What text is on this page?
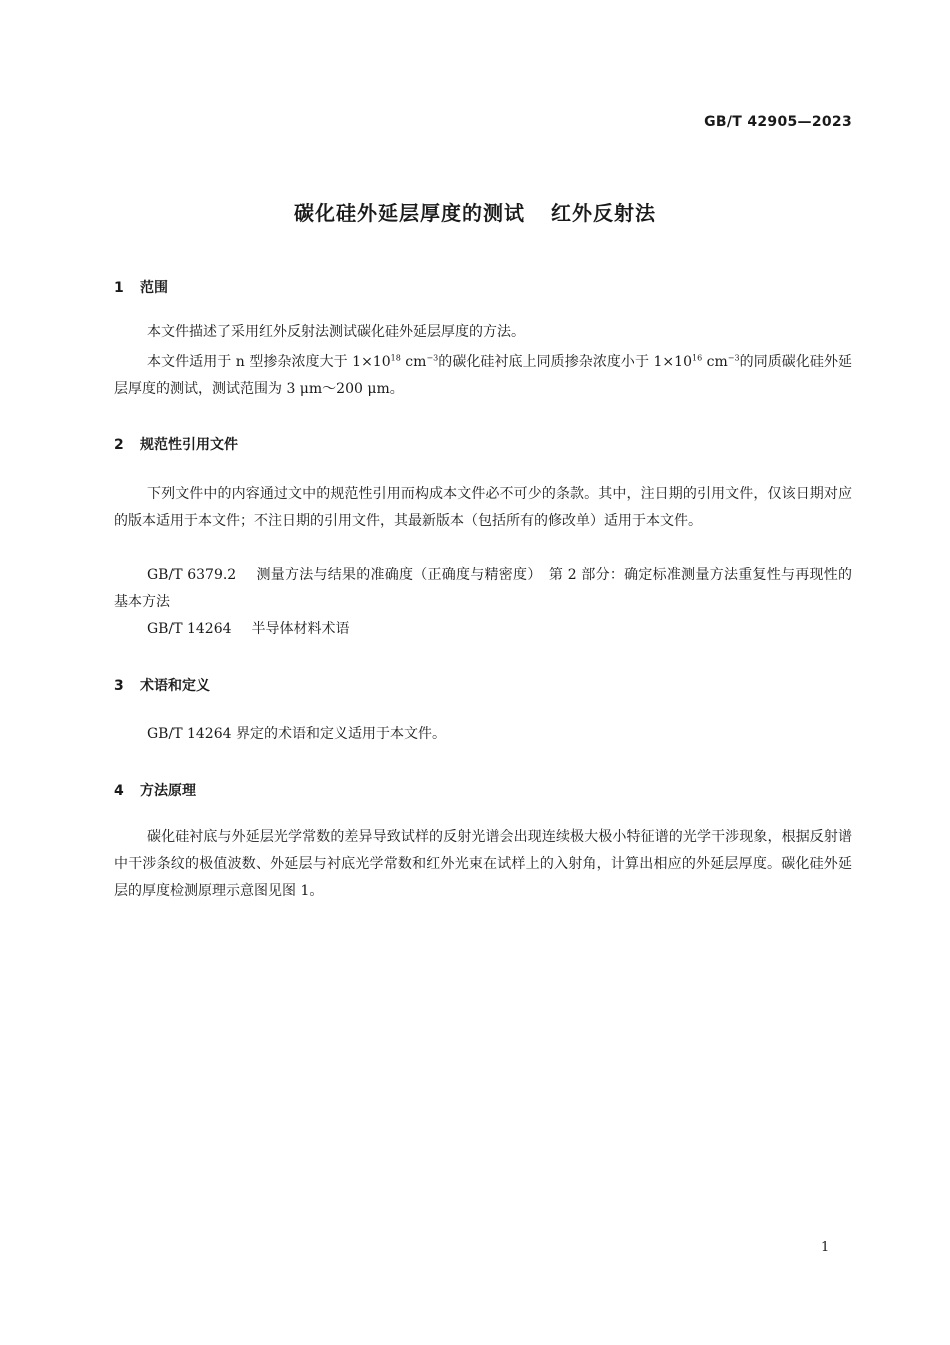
GB/T 42905—2023
碳化硅外延层厚度的测试 红外反射法
1 范围
本文件描述了采用红外反射法测试碳化硅外延层厚度的方法。
本文件适用于 n 型掺杂浓度大于 $1\times 10^{18}$ $cm^{-3}$的碳化硅衬底上同质掺杂浓度小于 $1\times 10^{16}$ $cm^{-3}$的同质碳化硅外延层厚度的测试，测试范围为 3 μm～200 μm。
2 规范性引用文件
下列文件中的内容通过文中的规范性引用而构成本文件必不可少的条款。其中，注日期的引用文件，仅该日期对应的版本适用于本文件；不注日期的引用文件，其最新版本（包括所有的修改单）适用于本文件。
GB/T 6379.2 测量方法与结果的准确度（正确度与精密度）　第 2 部分：确定标准测量方法重复性与再现性的基本方法
GB/T 14264 半导体材料术语
3 术语和定义
GB/T 14264 界定的术语和定义适用于本文件。
4 方法原理
碳化硅衬底与外延层光学常数的差异导致试样的反射光谱会出现连续极大极小特征谱的光学干涉现象，根据反射谱中干涉条纹的极值波数、外延层与衬底光学常数和红外光束在试样上的入射角，计算出相应的外延层厚度。碳化硅外延层的厚度检测原理示意图见图 1。
1
